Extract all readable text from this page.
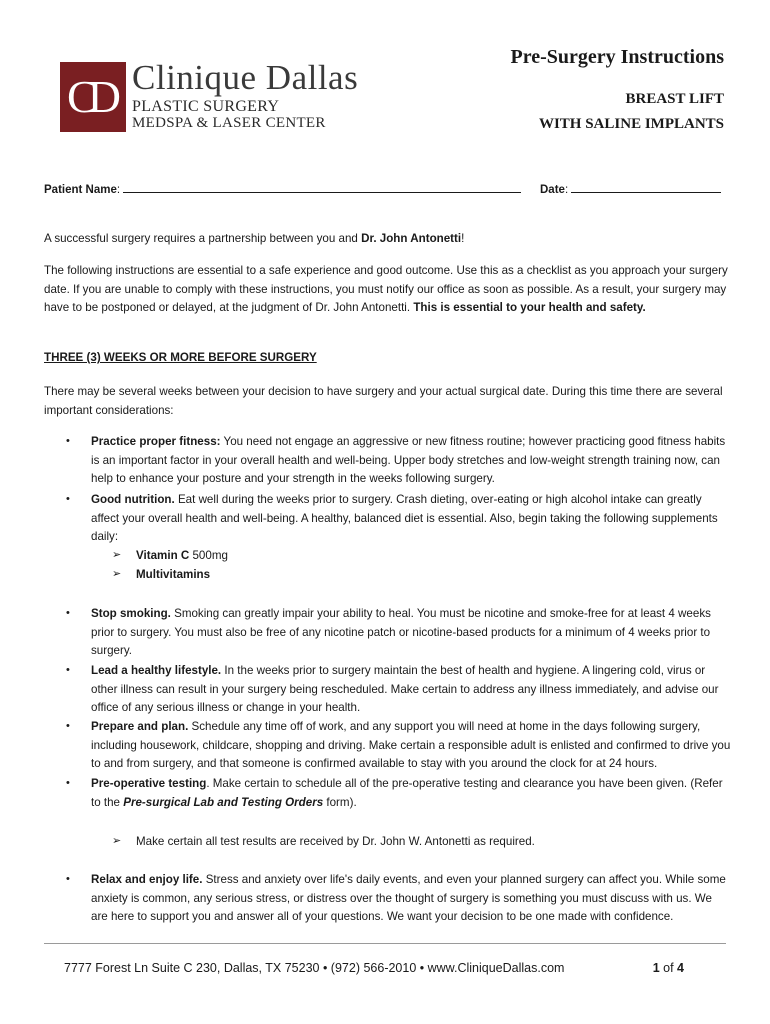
CD Clinique Dallas
PLASTIC SURGERY
MEDSPA & LASER CENTER
Pre-Surgery Instructions
BREAST LIFT
WITH SALINE IMPLANTS
Patient Name:	Date:
A successful surgery requires a partnership between you and Dr. John Antonetti!
The following instructions are essential to a safe experience and good outcome. Use this as a checklist as you approach your surgery date. If you are unable to comply with these instructions, you must notify our office as soon as possible. As a result, your surgery may have to be postponed or delayed, at the judgment of Dr. John Antonetti. This is essential to your health and safety.
THREE (3) WEEKS OR MORE BEFORE SURGERY
There may be several weeks between your decision to have surgery and your actual surgical date. During this time there are several important considerations:
• Practice proper fitness: You need not engage an aggressive or new fitness routine; however practicing good fitness habits is an important factor in your overall health and well-being. Upper body stretches and low-weight strength training now, can help to enhance your posture and your strength in the weeks following surgery.
• Good nutrition. Eat well during the weeks prior to surgery. Crash dieting, over-eating or high alcohol intake can greatly affect your overall health and well-being. A healthy, balanced diet is essential. Also, begin taking the following supplements daily:
➢ Vitamin C 500mg
➢ Multivitamins
• Stop smoking. Smoking can greatly impair your ability to heal. You must be nicotine and smoke-free for at least 4 weeks prior to surgery. You must also be free of any nicotine patch or nicotine-based products for a minimum of 4 weeks prior to surgery.
• Lead a healthy lifestyle. In the weeks prior to surgery maintain the best of health and hygiene. A lingering cold, virus or other illness can result in your surgery being rescheduled. Make certain to address any illness immediately, and advise our office of any serious illness or change in your health.
• Prepare and plan. Schedule any time off of work, and any support you will need at home in the days following surgery, including housework, childcare, shopping and driving. Make certain a responsible adult is enlisted and confirmed to drive you to and from surgery, and that someone is confirmed available to stay with you around the clock for at 24 hours.
• Pre-operative testing. Make certain to schedule all of the pre-operative testing and clearance you have been given. (Refer to the Pre-surgical Lab and Testing Orders form).
➢ Make certain all test results are received by Dr. John W. Antonetti as required.
• Relax and enjoy life. Stress and anxiety over life's daily events, and even your planned surgery can affect you. While some anxiety is common, any serious stress, or distress over the thought of surgery is something you must discuss with us. We are here to support you and answer all of your questions. We want your decision to be one made with confidence.
7777 Forest Ln Suite C 230, Dallas, TX 75230 • (972) 566-2010 • www.CliniqueDallas.com	1 of 4
